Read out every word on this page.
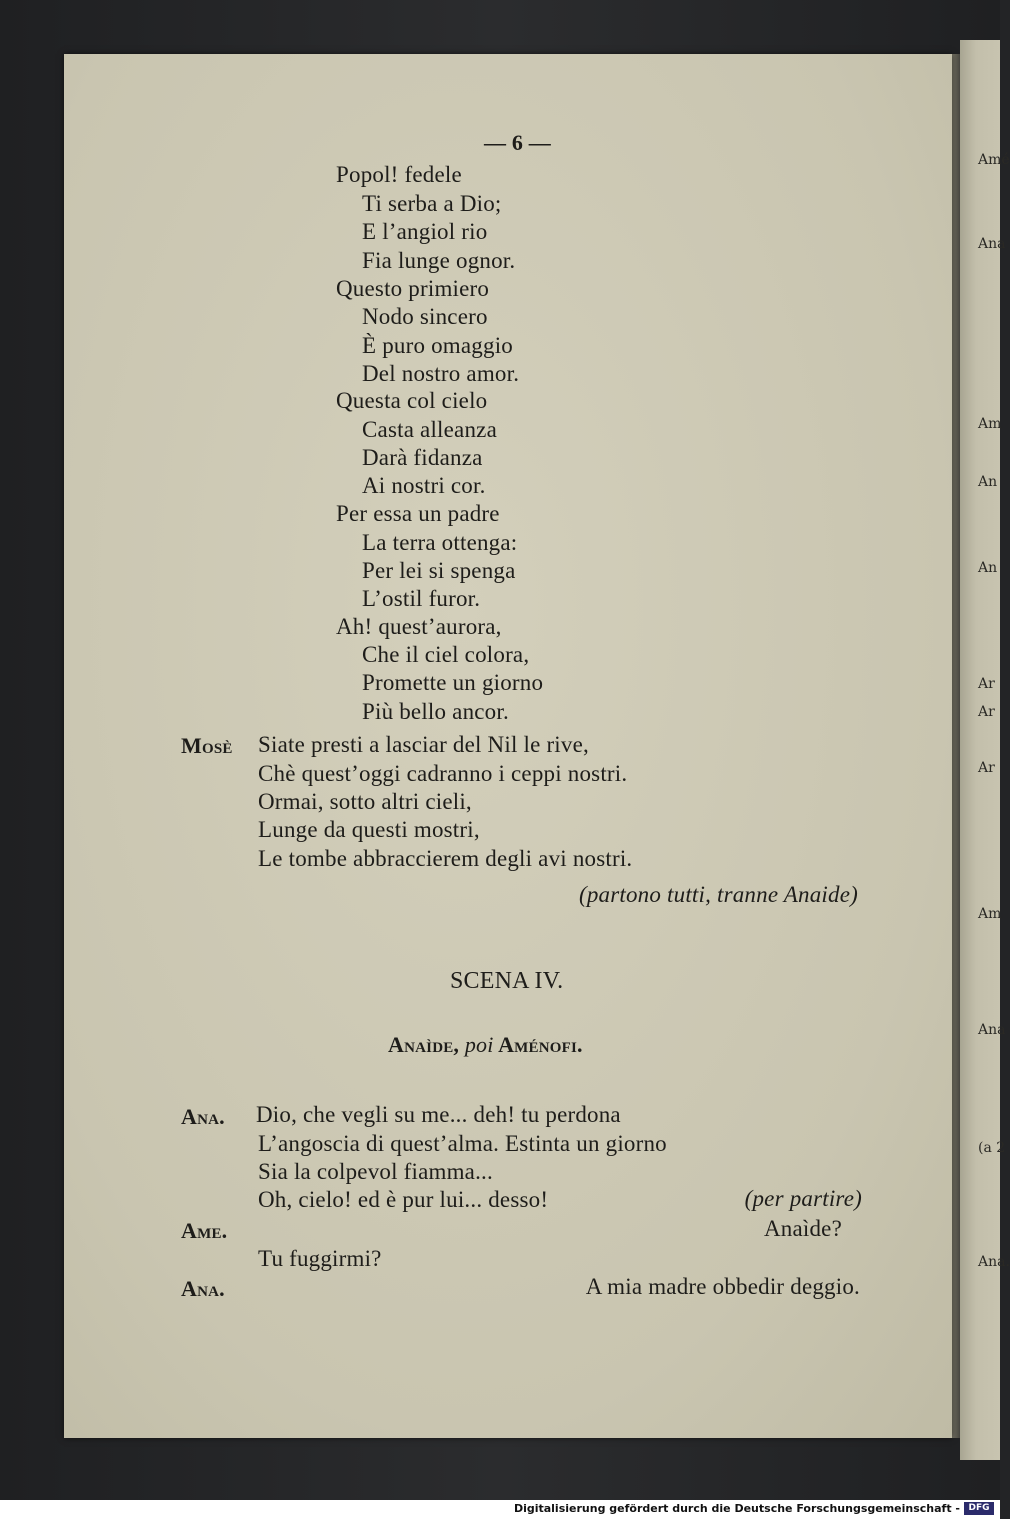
Amé
Ana
Am
An
An
Ar
Ar
Ar
Am
Ana
(a 2
Ana.
— 6 —
Popol! fedele
Ti serba a Dio;
E l’angiol rio
Fia lunge ognor.
Questo primiero
Nodo sincero
È puro omaggio
Del nostro amor.
Questa col cielo
Casta alleanza
Darà fidanza
Ai nostri cor.
Per essa un padre
La terra ottenga:
Per lei si spenga
L’ostil furor.
Ah! quest’aurora,
Che il ciel colora,
Promette un giorno
Più bello ancor.
Mosè Siate presti a lasciar del Nil le rive,
Chè quest’oggi cadranno i ceppi nostri.
Ormai, sotto altri cieli,
Lunge da questi mostri,
Le tombe abbraccierem degli avi nostri.
(partono tutti, tranne Anaide)
SCENA IV.
Anaìde, poi Aménofi.
Ana. Dio, che vegli su me... deh! tu perdona
L’angoscia di quest’alma. Estinta un giorno
Sia la colpevol fiamma...
Oh, cielo! ed è pur lui... desso!	(per partire)
Ame.	Anaìde?
Tu fuggirmi?
Ana.	A mia madre obbedir deggio.
Digitalisierung gefördert durch die Deutsche Forschungsgemeinschaft - DFG
